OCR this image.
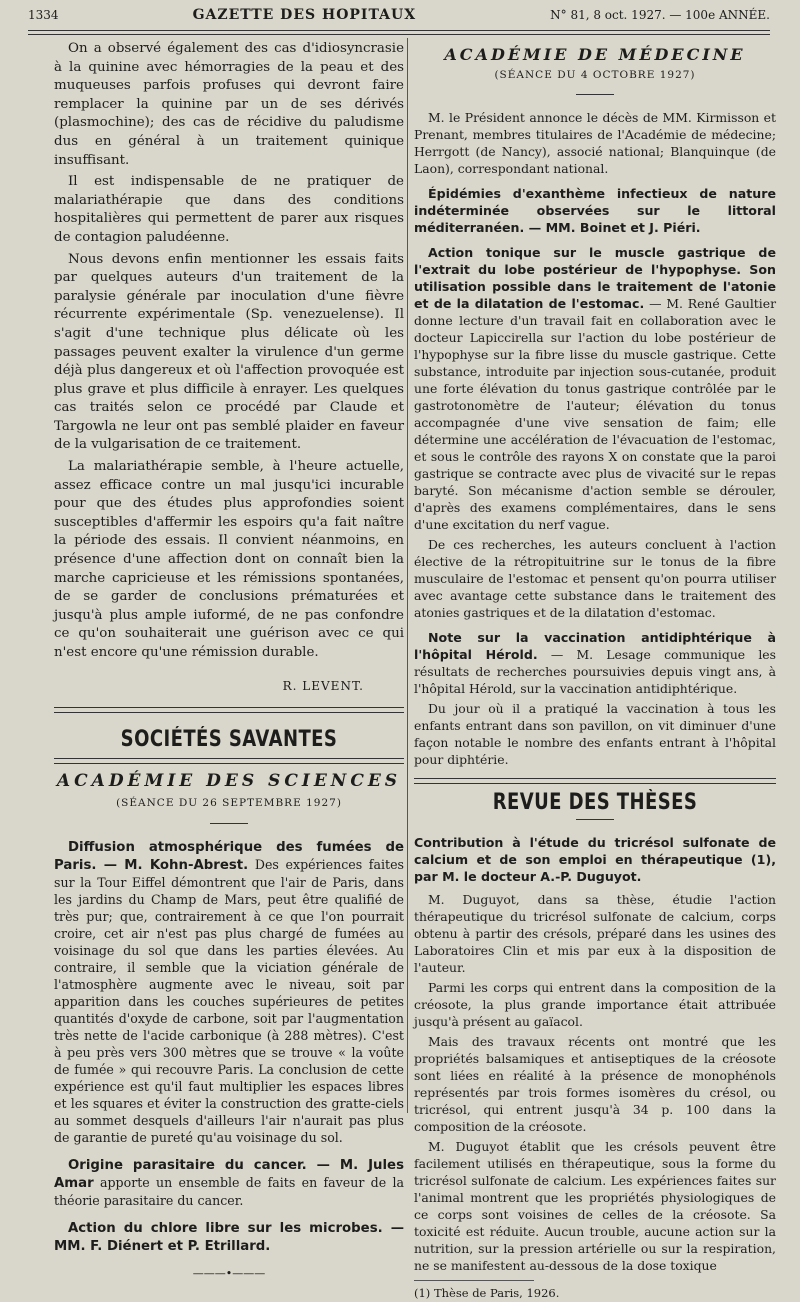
1334	GAZETTE DES HOPITAUX	N° 81, 8 oct. 1927. — 100e ANNÉE.

On a observé également des cas d'idiosyncrasie à la quinine avec hémorragies de la peau et des muqueuses parfois profuses qui devront faire remplacer la quinine par un de ses dérivés (plasmochine); des cas de récidive du paludisme dus en général à un traitement quinique insuffisant.

Il est indispensable de ne pratiquer de malariathérapie que dans des conditions hospitalières qui permettent de parer aux risques de contagion paludéenne.

Nous devons enfin mentionner les essais faits par quelques auteurs d'un traitement de la paralysie générale par inoculation d'une fièvre récurrente expérimentale (Sp. venezuelense). Il s'agit d'une technique plus délicate où les passages peuvent exalter la virulence d'un germe déjà plus dangereux et où l'affection provoquée est plus grave et plus difficile à enrayer. Les quelques cas traités selon ce procédé par Claude et Targowla ne leur ont pas semblé plaider en faveur de la vulgarisation de ce traitement.

La malariathérapie semble, à l'heure actuelle, assez efficace contre un mal jusqu'ici incurable pour que des études plus approfondies soient susceptibles d'affermir les espoirs qu'a fait naître la période des essais. Il convient néanmoins, en présence d'une affection dont on connaît bien la marche capricieuse et les rémissions spontanées, de se garder de conclusions prématurées et jusqu'à plus ample iuformé, de ne pas confondre ce qu'on souhaiterait une guérison avec ce qui n'est encore qu'une rémission durable.

R. LEVENT.
SOCIÉTÉS SAVANTES
ACADÉMIE DES SCIENCES
(SÉANCE DU 26 SEPTEMBRE 1927)

Diffusion atmosphérique des fumées de Paris. — M. Kohn-Abrest. Des expériences faites sur la Tour Eiffel démontrent que l'air de Paris, dans les jardins du Champ de Mars, peut être qualifié de très pur; que, contrairement à ce que l'on pourrait croire, cet air n'est pas plus chargé de fumées au voisinage du sol que dans les parties élevées. Au contraire, il semble que la viciation générale de l'atmosphère augmente avec le niveau, soit par apparition dans les couches supérieures de petites quantités d'oxyde de carbone, soit par l'augmentation très nette de l'acide carbonique (à 288 mètres). C'est à peu près vers 300 mètres que se trouve « la voûte de fumée » qui recouvre Paris. La conclusion de cette expérience est qu'il faut multiplier les espaces libres et les squares et éviter la construction des gratte-ciels au sommet desquels d'ailleurs l'air n'aurait pas plus de garantie de pureté qu'au voisinage du sol.

Origine parasitaire du cancer. — M. Jules Amar apporte un ensemble de faits en faveur de la théorie parasitaire du cancer.

Action du chlore libre sur les microbes. — MM. F. Diénert et P. Etrillard.

———•———
ACADÉMIE DE MÉDECINE
(SÉANCE DU 4 OCTOBRE 1927)

M. le Président annonce le décès de MM. Kirmisson et Prenant, membres titulaires de l'Académie de médecine; Herrgott (de Nancy), associé national; Blanquinque (de Laon), correspondant national.

Épidémies d'exanthème infectieux de nature indéterminée observées sur le littoral méditerranéen. — MM. Boinet et J. Piéri.

Action tonique sur le muscle gastrique de l'extrait du lobe postérieur de l'hypophyse. Son utilisation possible dans le traitement de l'atonie et de la dilatation de l'estomac. — M. René Gaultier donne lecture d'un travail fait en collaboration avec le docteur Lapiccirella sur l'action du lobe postérieur de l'hypophyse sur la fibre lisse du muscle gastrique. Cette substance, introduite par injection sous-cutanée, produit une forte élévation du tonus gastrique contrôlée par le gastrotonomètre de l'auteur; élévation du tonus accompagnée d'une vive sensation de faim; elle détermine une accélération de l'évacuation de l'estomac, et sous le contrôle des rayons X on constate que la paroi gastrique se contracte avec plus de vivacité sur le repas baryté. Son mécanisme d'action semble se dérouler, d'après des examens complémentaires, dans le sens d'une excitation du nerf vague.

De ces recherches, les auteurs concluent à l'action élective de la rétropituitrine sur le tonus de la fibre musculaire de l'estomac et pensent qu'on pourra utiliser avec avantage cette substance dans le traitement des atonies gastriques et de la dilatation d'estomac.

Note sur la vaccination antidiphtérique à l'hôpital Hérold. — M. Lesage communique les résultats de recherches poursuivies depuis vingt ans, à l'hôpital Hérold, sur la vaccination antidiphtérique.

Du jour où il a pratiqué la vaccination à tous les enfants entrant dans son pavillon, on vit diminuer d'une façon notable le nombre des enfants entrant à l'hôpital pour diphtérie.

REVUE DES THÈSES

Contribution à l'étude du tricrésol sulfonate de calcium et de son emploi en thérapeutique (1), par M. le docteur A.-P. Duguyot.

M. Duguyot, dans sa thèse, étudie l'action thérapeutique du tricrésol sulfonate de calcium, corps obtenu à partir des crésols, préparé dans les usines des Laboratoires Clin et mis par eux à la disposition de l'auteur.

Parmi les corps qui entrent dans la composition de la créosote, la plus grande importance était attribuée jusqu'à présent au gaïacol.

Mais des travaux récents ont montré que les propriétés balsamiques et antiseptiques de la créosote sont liées en réalité à la présence de monophénols représentés par trois formes isomères du crésol, ou tricrésol, qui entrent jusqu'à 34 p. 100 dans la composition de la créosote.

M. Duguyot établit que les crésols peuvent être facilement utilisés en thérapeutique, sous la forme du tricrésol sulfonate de calcium. Les expériences faites sur l'animal montrent que les propriétés physiologiques de ce corps sont voisines de celles de la créosote. Sa toxicité est réduite. Aucun trouble, aucune action sur la nutrition, sur la pression artérielle ou sur la respiration, ne se manifestent au-dessous de la dose toxique

(1) Thèse de Paris, 1926.
